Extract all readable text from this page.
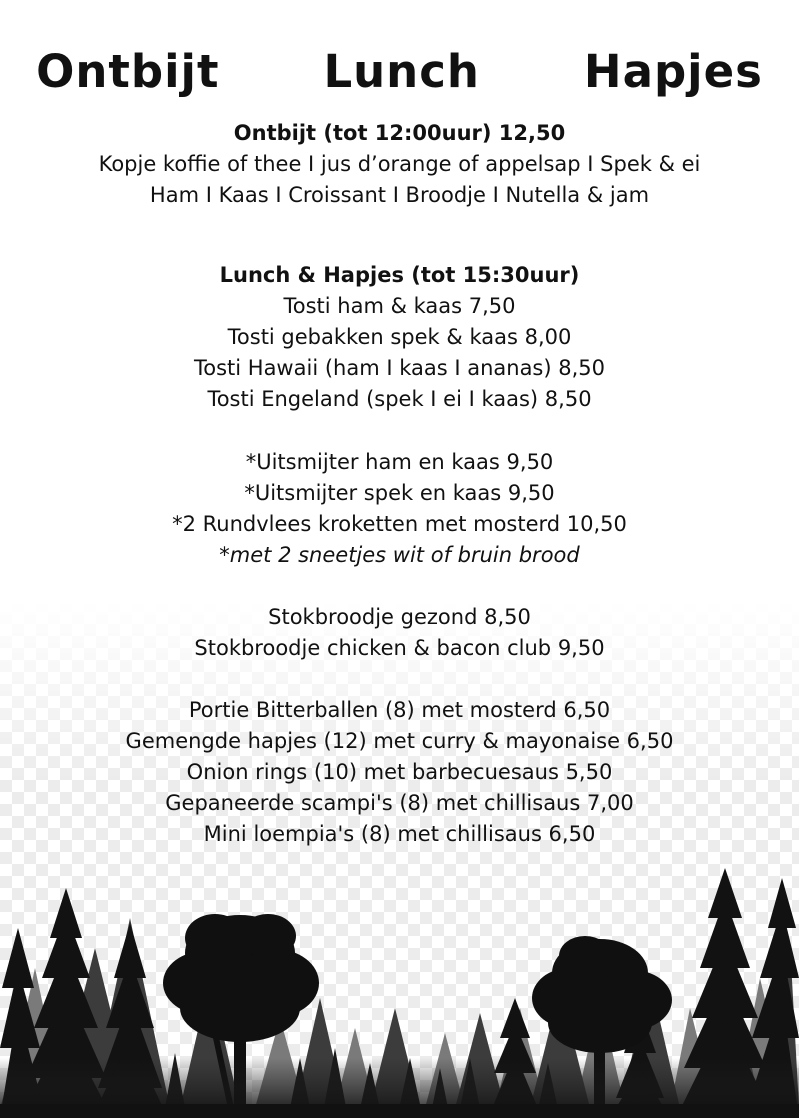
Ontbijt   Lunch   Hapjes

Ontbijt (tot 12:00uur) 12,50

Kopje koffie of thee I jus d’orange of appelsap I Spek & ei

Ham I Kaas I Croissant I Broodje I Nutella & jam

Lunch & Hapjes (tot 15:30uur)

Tosti ham & kaas 7,50

Tosti gebakken spek & kaas 8,00

Tosti Hawaii (ham I kaas I ananas) 8,50

Tosti Engeland (spek I ei I kaas) 8,50

*Uitsmijter ham en kaas 9,50

*Uitsmijter spek en kaas 9,50

*2 Rundvlees kroketten met mosterd 10,50

*met 2 sneetjes wit of bruin brood

Stokbroodje gezond 8,50

Stokbroodje chicken & bacon club 9,50

Portie Bitterballen (8) met mosterd 6,50

Gemengde hapjes (12) met curry & mayonaise 6,50

Onion rings (10) met barbecuesaus 5,50

Gepaneerde scampi's (8) met chillisaus 7,00

Mini loempia's (8) met chillisaus 6,50
